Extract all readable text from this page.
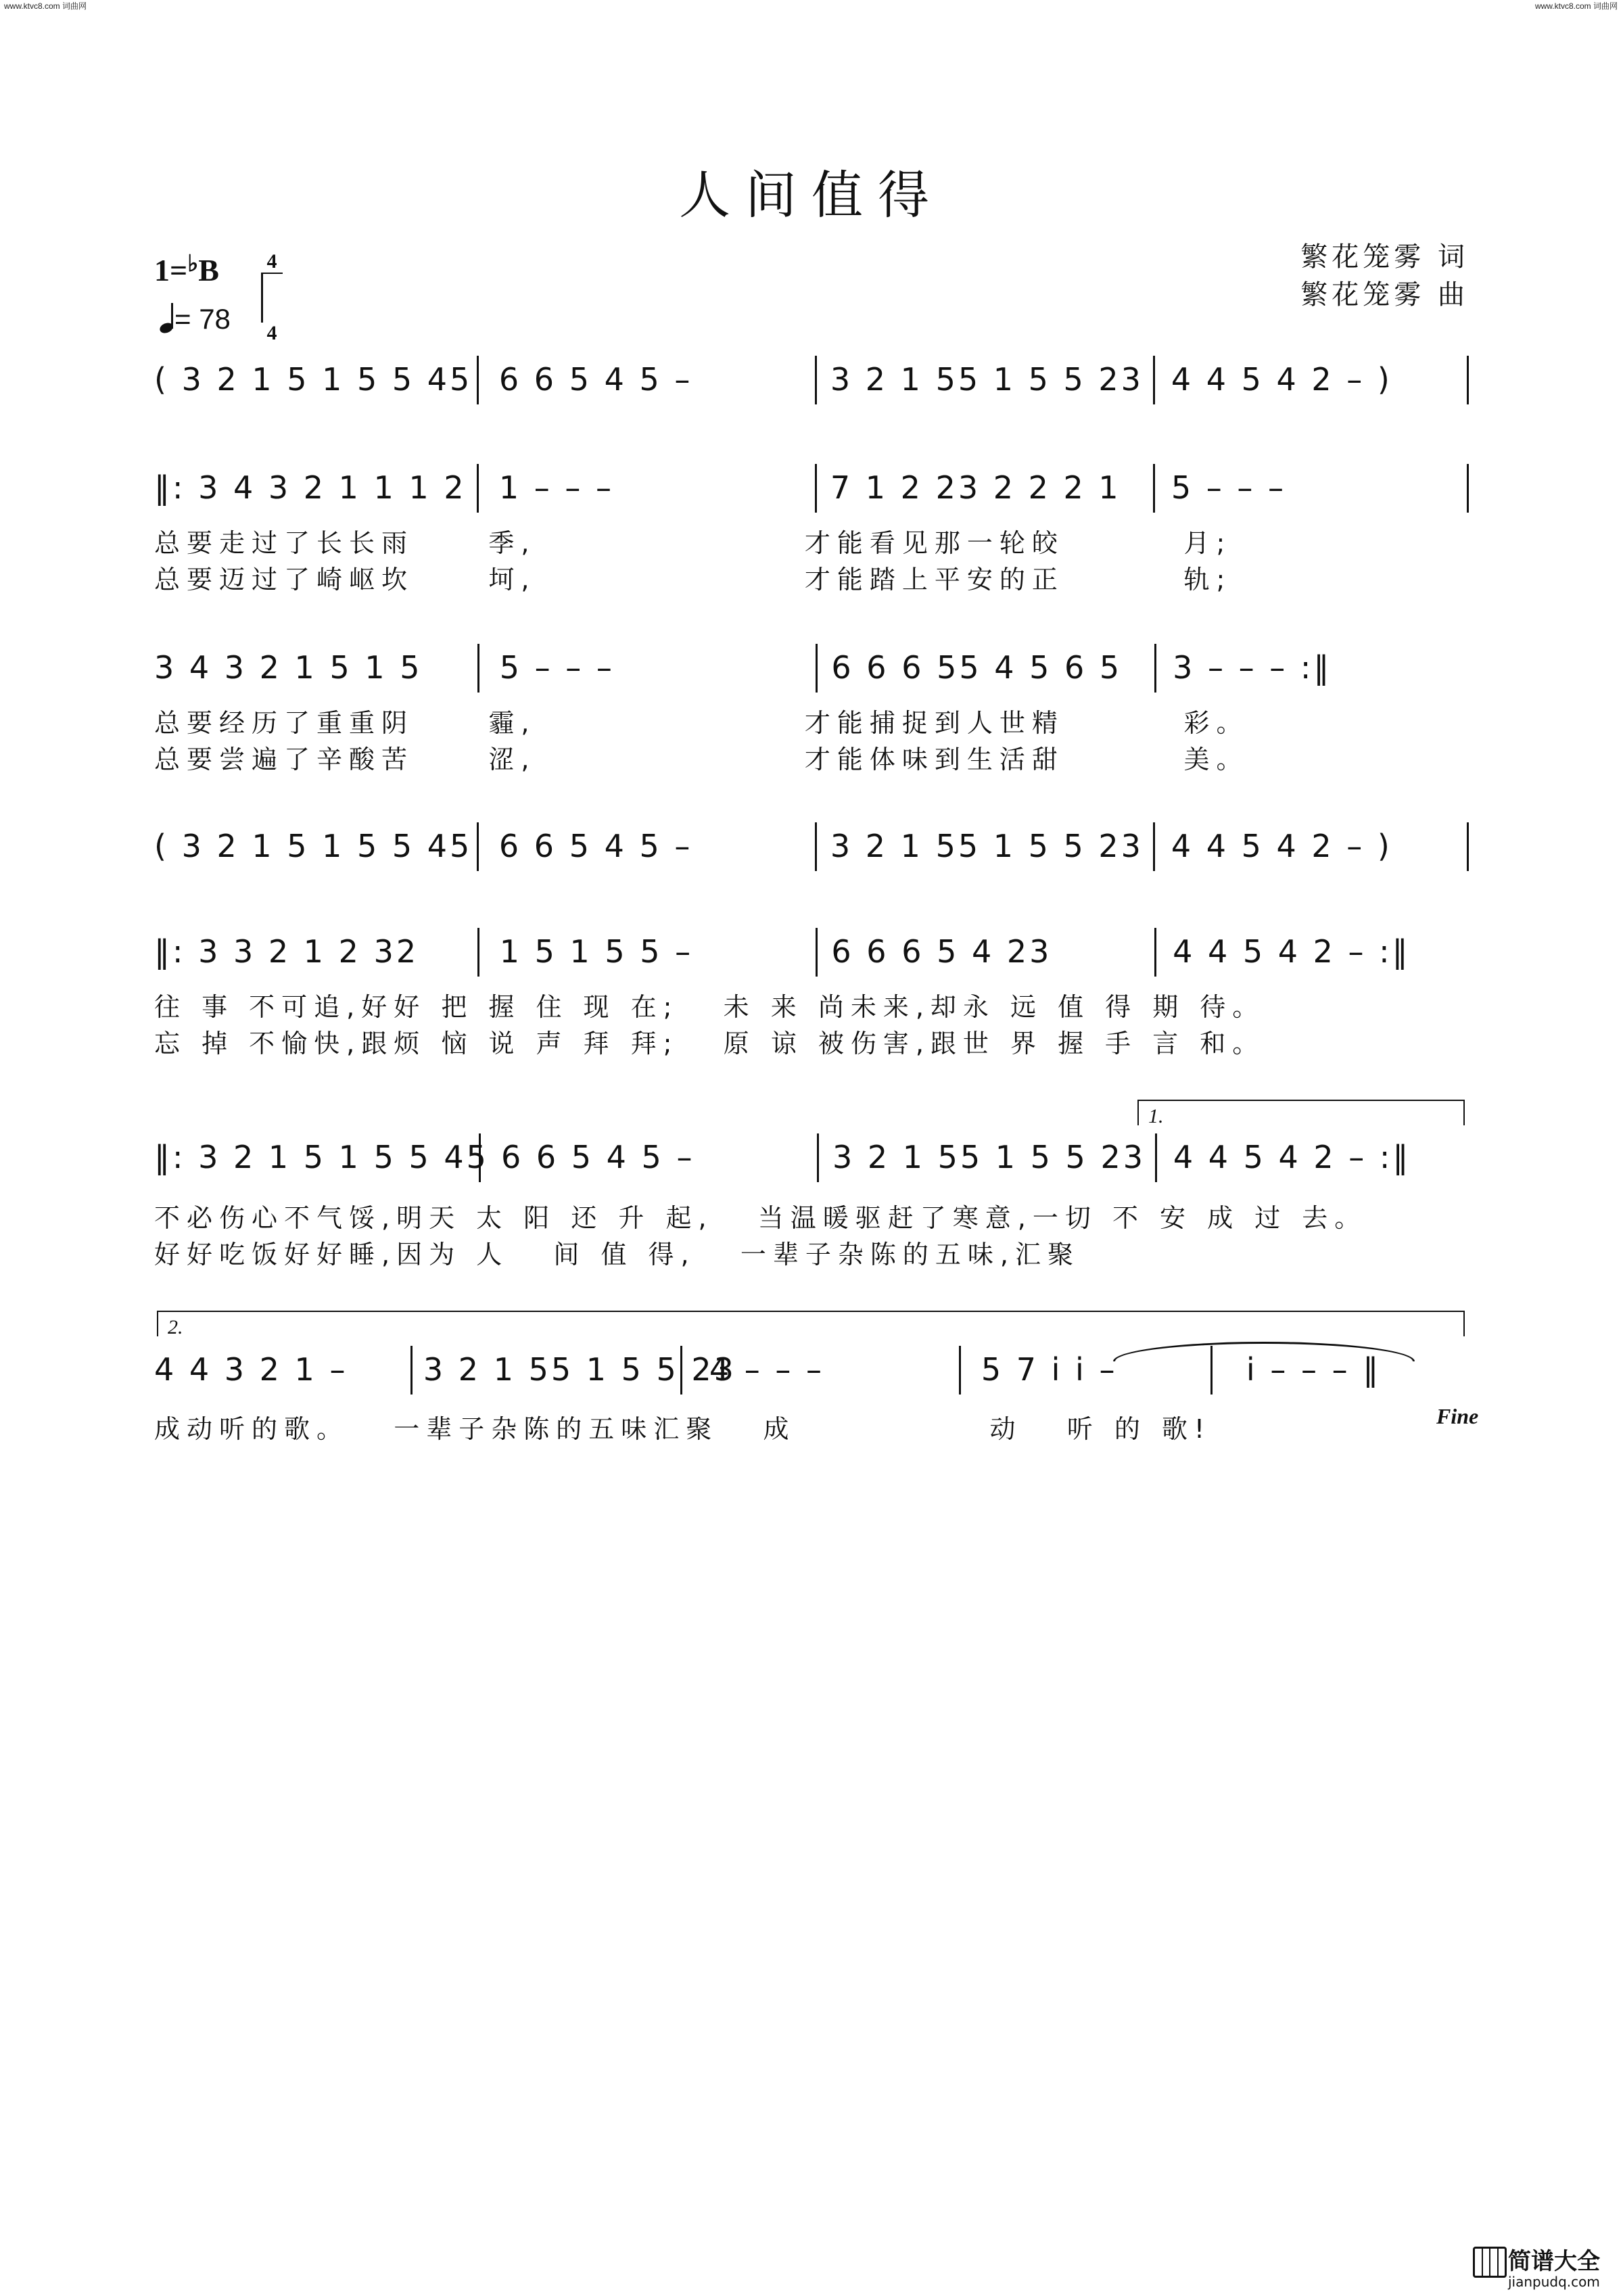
www.ktvc8.com 词曲网	www.ktvc8.com 词曲网
人间值得
繁花笼雾 词
繁花笼雾 曲
1=♭B	4
4
= 78
( 3 2 1 5 1 5 5 45 6 6 5 4 5 –	3 2 1 55 1 5 5 23 4 4 5 4 2 – )
‖: 3 4 3 2 1 1 1 2	1 – – –	7 1 2 23 2 2 2 1	5 – – –
总要走过了长长雨     季,                  才能看见那一轮皎        月;
总要迈过了崎岖坎     坷,                  才能踏上平安的正        轨;
3 4 3 2 1 5 1 5	5 – – –	6 6 6 55 4 5 6 5	3 – – – :‖
总要经历了重重阴     霾,                  才能捕捉到人世精        彩。
总要尝遍了辛酸苦     涩,                  才能体味到生活甜        美。
( 3 2 1 5 1 5 5 45 6 6 5 4 5 –	3 2 1 55 1 5 5 23 4 4 5 4 2 – )
‖: 3 3 2 1 2 32	1 5 1 5 5 –	6 6 6 5 4 23	4 4 5 4 2 – :‖
往 事 不可追,好好 把 握 住 现 在;   未 来 尚未来,却永 远 值 得 期 待。
忘 掉 不愉快,跟烦 恼 说 声 拜 拜;   原 谅 被伤害,跟世 界 握 手 言 和。
1.
‖: 3 2 1 5 1 5 5 45 6 6 5 4 5 –	3 2 1 55 1 5 5 23 4 4 5 4 2 – :‖
不必伤心不气馁,明天 太 阳 还 升 起,   当温暖驱赶了寒意,一切 不 安 成 过 去。
好好吃饭好好睡,因为 人   间 值 得,   一辈子杂陈的五味,汇聚
2.
4 4 3 2 1 –	3 2 1 55 1 5 5 23
4 – – –	5 7 i i –	i – – – ‖
成动听的歌。   一辈子杂陈的五味汇聚   成             动   听 的 歌!	Fine
简谱大全
jianpudq.com
